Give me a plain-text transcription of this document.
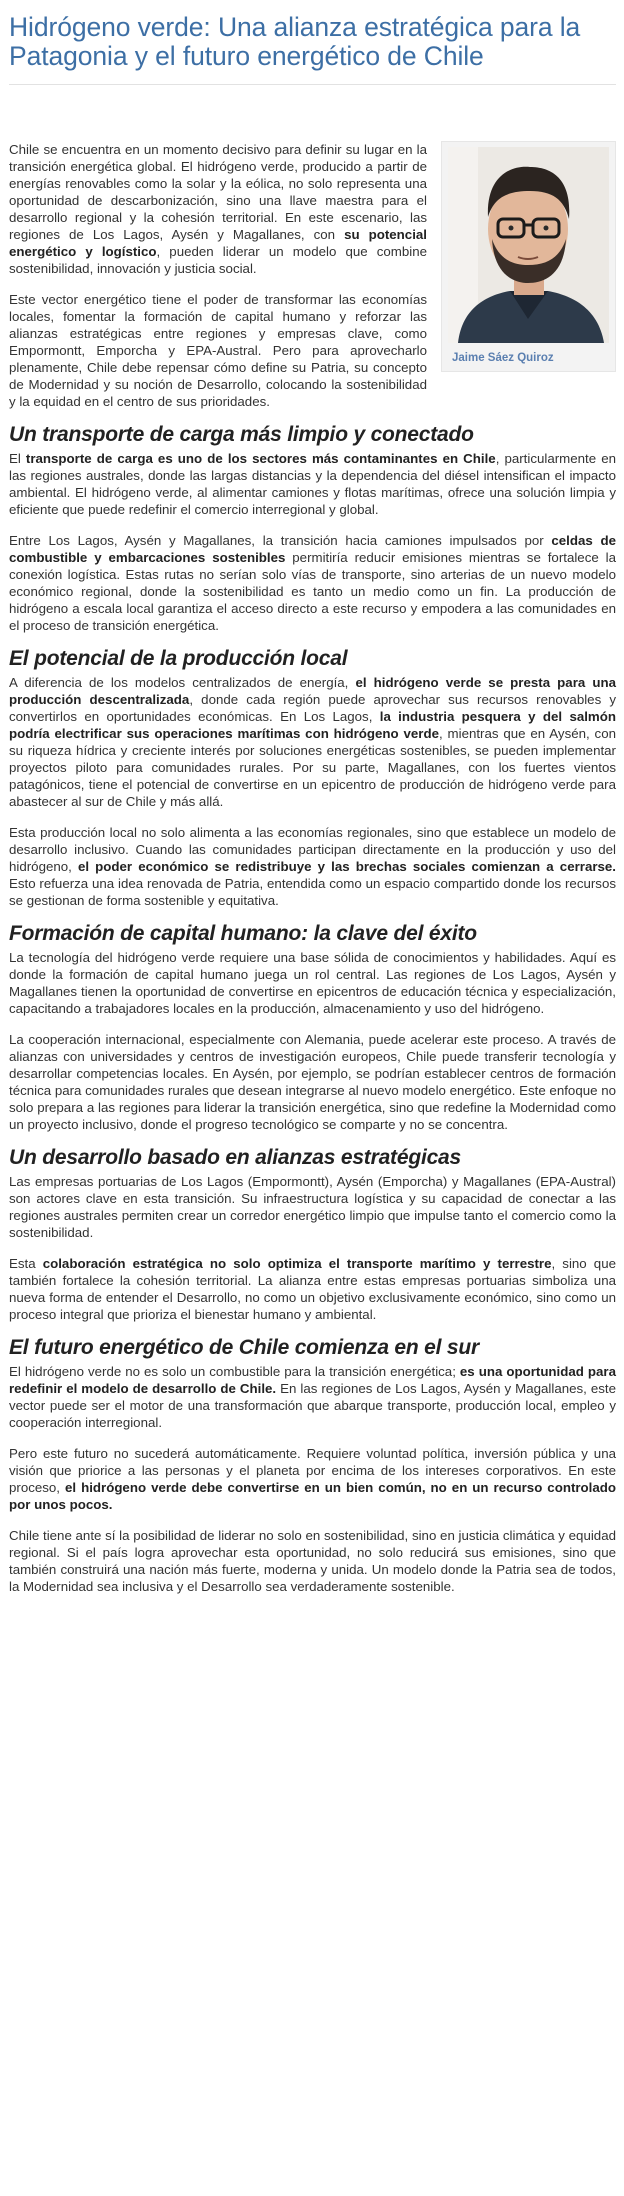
Hidrógeno verde: Una alianza estratégica para la Patagonia y el futuro energético de Chile
Jaime Sáez Quiroz

Chile se encuentra en un momento decisivo para definir su lugar en la transición energética global. El hidrógeno verde, producido a partir de energías renovables como la solar y la eólica, no solo representa una oportunidad de descarbonización, sino una llave maestra para el desarrollo regional y la cohesión territorial. En este escenario, las regiones de Los Lagos, Aysén y Magallanes, con su potencial energético y logístico, pueden liderar un modelo que combine sostenibilidad, innovación y justicia social.

Este vector energético tiene el poder de transformar las economías locales, fomentar la formación de capital humano y reforzar las alianzas estratégicas entre regiones y empresas clave, como Empormontt, Emporcha y EPA-Austral. Pero para aprovecharlo plenamente, Chile debe repensar cómo define su Patria, su concepto de Modernidad y su noción de Desarrollo, colocando la sostenibilidad y la equidad en el centro de sus prioridades.

Un transporte de carga más limpio y conectado

El transporte de carga es uno de los sectores más contaminantes en Chile, particularmente en las regiones australes, donde las largas distancias y la dependencia del diésel intensifican el impacto ambiental. El hidrógeno verde, al alimentar camiones y flotas marítimas, ofrece una solución limpia y eficiente que puede redefinir el comercio interregional y global.

Entre Los Lagos, Aysén y Magallanes, la transición hacia camiones impulsados por celdas de combustible y embarcaciones sostenibles permitiría reducir emisiones mientras se fortalece la conexión logística. Estas rutas no serían solo vías de transporte, sino arterias de un nuevo modelo económico regional, donde la sostenibilidad es tanto un medio como un fin. La producción de hidrógeno a escala local garantiza el acceso directo a este recurso y empodera a las comunidades en el proceso de transición energética.

El potencial de la producción local

A diferencia de los modelos centralizados de energía, el hidrógeno verde se presta para una producción descentralizada, donde cada región puede aprovechar sus recursos renovables y convertirlos en oportunidades económicas. En Los Lagos, la industria pesquera y del salmón podría electrificar sus operaciones marítimas con hidrógeno verde, mientras que en Aysén, con su riqueza hídrica y creciente interés por soluciones energéticas sostenibles, se pueden implementar proyectos piloto para comunidades rurales. Por su parte, Magallanes, con los fuertes vientos patagónicos, tiene el potencial de convertirse en un epicentro de producción de hidrógeno verde para abastecer al sur de Chile y más allá.

Esta producción local no solo alimenta a las economías regionales, sino que establece un modelo de desarrollo inclusivo. Cuando las comunidades participan directamente en la producción y uso del hidrógeno, el poder económico se redistribuye y las brechas sociales comienzan a cerrarse. Esto refuerza una idea renovada de Patria, entendida como un espacio compartido donde los recursos se gestionan de forma sostenible y equitativa.

Formación de capital humano: la clave del éxito

La tecnología del hidrógeno verde requiere una base sólida de conocimientos y habilidades. Aquí es donde la formación de capital humano juega un rol central. Las regiones de Los Lagos, Aysén y Magallanes tienen la oportunidad de convertirse en epicentros de educación técnica y especialización, capacitando a trabajadores locales en la producción, almacenamiento y uso del hidrógeno.

La cooperación internacional, especialmente con Alemania, puede acelerar este proceso. A través de alianzas con universidades y centros de investigación europeos, Chile puede transferir tecnología y desarrollar competencias locales. En Aysén, por ejemplo, se podrían establecer centros de formación técnica para comunidades rurales que desean integrarse al nuevo modelo energético. Este enfoque no solo prepara a las regiones para liderar la transición energética, sino que redefine la Modernidad como un proyecto inclusivo, donde el progreso tecnológico se comparte y no se concentra.

Un desarrollo basado en alianzas estratégicas

Las empresas portuarias de Los Lagos (Empormontt), Aysén (Emporcha) y Magallanes (EPA-Austral) son actores clave en esta transición. Su infraestructura logística y su capacidad de conectar a las regiones australes permiten crear un corredor energético limpio que impulse tanto el comercio como la sostenibilidad.

Esta colaboración estratégica no solo optimiza el transporte marítimo y terrestre, sino que también fortalece la cohesión territorial. La alianza entre estas empresas portuarias simboliza una nueva forma de entender el Desarrollo, no como un objetivo exclusivamente económico, sino como un proceso integral que prioriza el bienestar humano y ambiental.

El futuro energético de Chile comienza en el sur

El hidrógeno verde no es solo un combustible para la transición energética; es una oportunidad para redefinir el modelo de desarrollo de Chile. En las regiones de Los Lagos, Aysén y Magallanes, este vector puede ser el motor de una transformación que abarque transporte, producción local, empleo y cooperación interregional.

Pero este futuro no sucederá automáticamente. Requiere voluntad política, inversión pública y una visión que priorice a las personas y el planeta por encima de los intereses corporativos. En este proceso, el hidrógeno verde debe convertirse en un bien común, no en un recurso controlado por unos pocos.

Chile tiene ante sí la posibilidad de liderar no solo en sostenibilidad, sino en justicia climática y equidad regional. Si el país logra aprovechar esta oportunidad, no solo reducirá sus emisiones, sino que también construirá una nación más fuerte, moderna y unida. Un modelo donde la Patria sea de todos, la Modernidad sea inclusiva y el Desarrollo sea verdaderamente sostenible.
